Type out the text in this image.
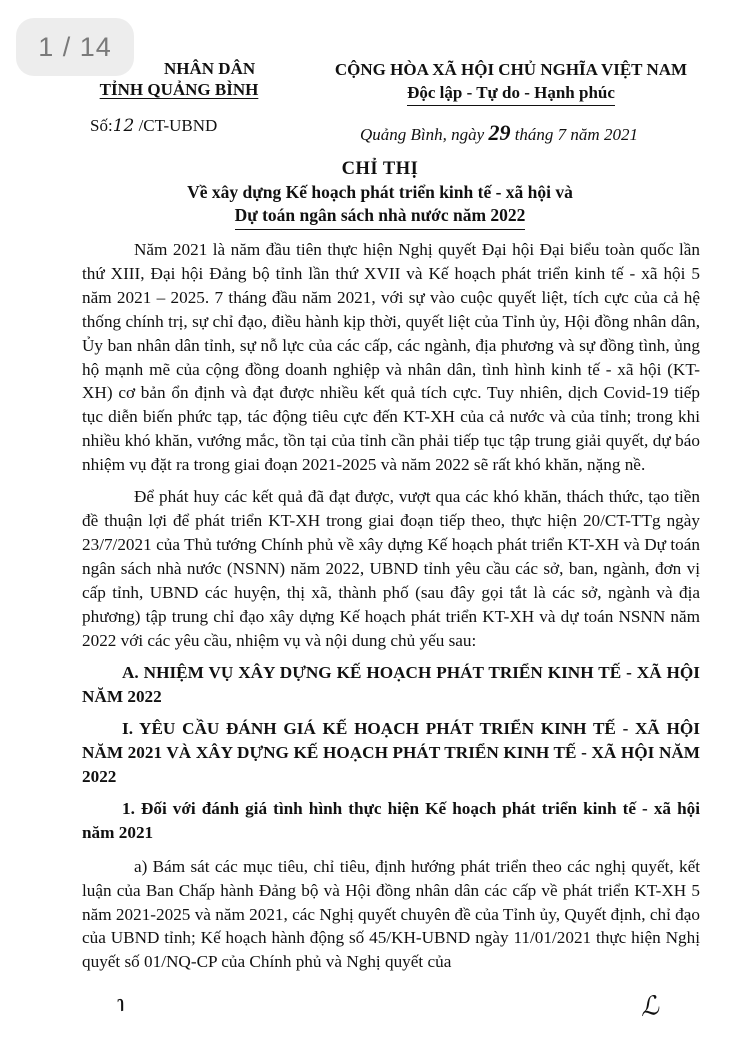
1 / 14
NHÂN DÂN
TỈNH QUẢNG BÌNH
CỘNG HÒA XÃ HỘI CHỦ NGHĨA VIỆT NAM
Độc lập - Tự do - Hạnh phúc
Số:12 /CT-UBND	Quảng Bình, ngày 29 tháng 7 năm 2021
CHỈ THỊ
Về xây dựng Kế hoạch phát triển kinh tế - xã hội và
Dự toán ngân sách nhà nước năm 2022

Năm 2021 là năm đầu tiên thực hiện Nghị quyết Đại hội Đại biểu toàn quốc lần thứ XIII, Đại hội Đảng bộ tỉnh lần thứ XVII và Kế hoạch phát triển kinh tế - xã hội 5 năm 2021 – 2025. 7 tháng đầu năm 2021, với sự vào cuộc quyết liệt, tích cực của cả hệ thống chính trị, sự chỉ đạo, điều hành kịp thời, quyết liệt của Tỉnh ủy, Hội đồng nhân dân, Ủy ban nhân dân tỉnh, sự nỗ lực của các cấp, các ngành, địa phương và sự đồng tình, ủng hộ mạnh mẽ của cộng đồng doanh nghiệp và nhân dân, tình hình kinh tế - xã hội (KT-XH) cơ bản ổn định và đạt được nhiều kết quả tích cực. Tuy nhiên, dịch Covid-19 tiếp tục diễn biến phức tạp, tác động tiêu cực đến KT-XH của cả nước và của tỉnh; trong khi nhiều khó khăn, vướng mắc, tồn tại của tỉnh cần phải tiếp tục tập trung giải quyết, dự báo nhiệm vụ đặt ra trong giai đoạn 2021-2025 và năm 2022 sẽ rất khó khăn, nặng nề.

Để phát huy các kết quả đã đạt được, vượt qua các khó khăn, thách thức, tạo tiền đề thuận lợi để phát triển KT-XH trong giai đoạn tiếp theo, thực hiện 20/CT-TTg ngày 23/7/2021 của Thủ tướng Chính phủ về xây dựng Kế hoạch phát triển KT-XH và Dự toán ngân sách nhà nước (NSNN) năm 2022, UBND tỉnh yêu cầu các sở, ban, ngành, đơn vị cấp tỉnh, UBND các huyện, thị xã, thành phố (sau đây gọi tắt là các sở, ngành và địa phương) tập trung chỉ đạo xây dựng Kế hoạch phát triển KT-XH và dự toán NSNN năm 2022 với các yêu cầu, nhiệm vụ và nội dung chủ yếu sau:

A. NHIỆM VỤ XÂY DỰNG KẾ HOẠCH PHÁT TRIỂN KINH TẾ - XÃ HỘI NĂM 2022

I. YÊU CẦU ĐÁNH GIÁ KẾ HOẠCH PHÁT TRIỂN KINH TẾ - XÃ HỘI NĂM 2021 VÀ XÂY DỰNG KẾ HOẠCH PHÁT TRIỂN KINH TẾ - XÃ HỘI NĂM 2022

1. Đối với đánh giá tình hình thực hiện Kế hoạch phát triển kinh tế - xã hội năm 2021

a) Bám sát các mục tiêu, chỉ tiêu, định hướng phát triển theo các nghị quyết, kết luận của Ban Chấp hành Đảng bộ và Hội đồng nhân dân các cấp về phát triển KT-XH 5 năm 2021-2025 và năm 2021, các Nghị quyết chuyên đề của Tỉnh ủy, Quyết định, chỉ đạo của UBND tỉnh; Kế hoạch hành động số 45/KH-UBND ngày 11/01/2021 thực hiện Nghị quyết số 01/NQ-CP của Chính phủ và Nghị quyết của

ɿ	ℒ
